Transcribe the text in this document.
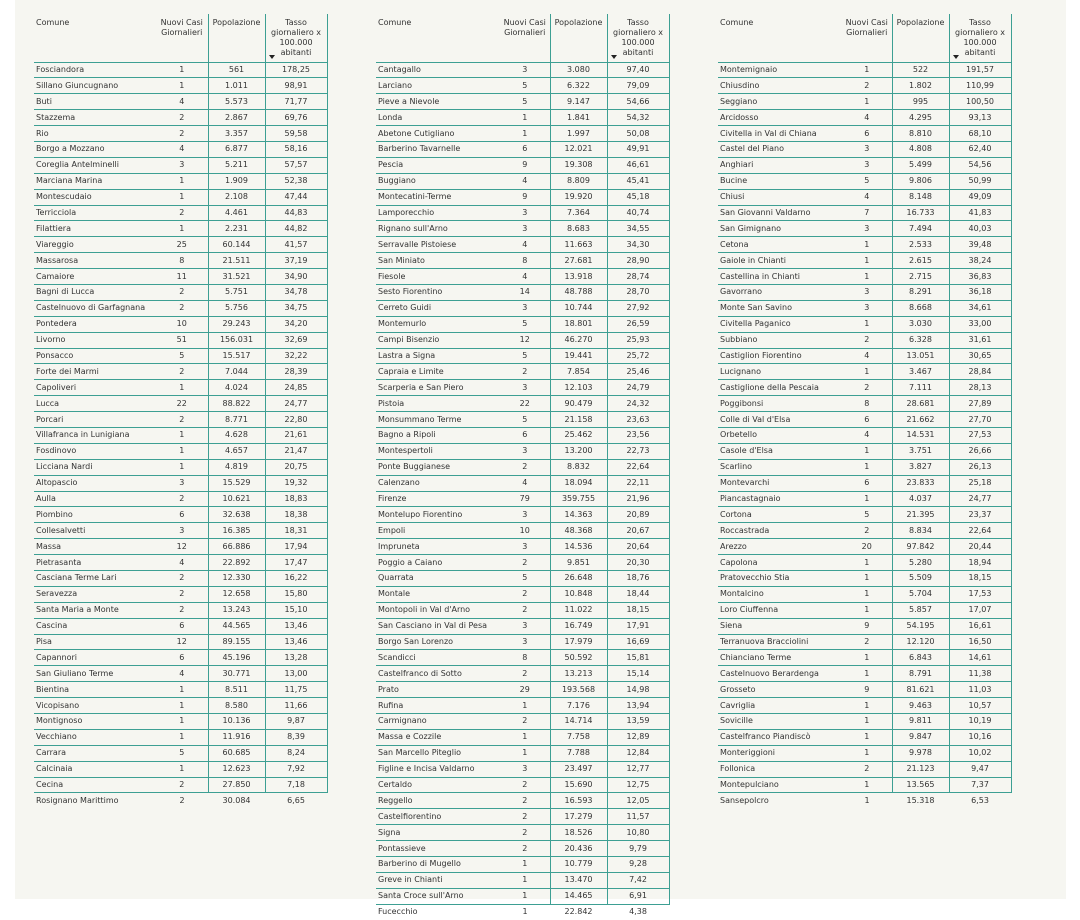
Comune	Nuovi Casi Giornalieri	Popolazione	Tasso giornaliero x 100.000 abitanti

Fosciandora	1	561	178,25
Sillano Giuncugnano	1	1.011	98,91
Buti	4	5.573	71,77
Stazzema	2	2.867	69,76
Rio	2	3.357	59,58
Borgo a Mozzano	4	6.877	58,16
Coreglia Antelminelli	3	5.211	57,57
Marciana Marina	1	1.909	52,38
Montescudaio	1	2.108	47,44
Terricciola	2	4.461	44,83
Filattiera	1	2.231	44,82
Viareggio	25	60.144	41,57
Massarosa	8	21.511	37,19
Camaiore	11	31.521	34,90
Bagni di Lucca	2	5.751	34,78
Castelnuovo di Garfagnana	2	5.756	34,75
Pontedera	10	29.243	34,20
Livorno	51	156.031	32,69
Ponsacco	5	15.517	32,22
Forte dei Marmi	2	7.044	28,39
Capoliveri	1	4.024	24,85
Lucca	22	88.822	24,77
Porcari	2	8.771	22,80
Villafranca in Lunigiana	1	4.628	21,61
Fosdinovo	1	4.657	21,47
Licciana Nardi	1	4.819	20,75
Altopascio	3	15.529	19,32
Aulla	2	10.621	18,83
Piombino	6	32.638	18,38
Collesalvetti	3	16.385	18,31
Massa	12	66.886	17,94
Pietrasanta	4	22.892	17,47
Casciana Terme Lari	2	12.330	16,22
Seravezza	2	12.658	15,80
Santa Maria a Monte	2	13.243	15,10
Cascina	6	44.565	13,46
Pisa	12	89.155	13,46
Capannori	6	45.196	13,28
San Giuliano Terme	4	30.771	13,00
Bientina	1	8.511	11,75
Vicopisano	1	8.580	11,66
Montignoso	1	10.136	9,87
Vecchiano	1	11.916	8,39
Carrara	5	60.685	8,24
Calcinaia	1	12.623	7,92
Cecina	2	27.850	7,18
Rosignano Marittimo	2	30.084	6,65
Comune	Nuovi Casi Giornalieri	Popolazione	Tasso giornaliero x 100.000 abitanti

Cantagallo	3	3.080	97,40
Larciano	5	6.322	79,09
Pieve a Nievole	5	9.147	54,66
Londa	1	1.841	54,32
Abetone Cutigliano	1	1.997	50,08
Barberino Tavarnelle	6	12.021	49,91
Pescia	9	19.308	46,61
Buggiano	4	8.809	45,41
Montecatini-Terme	9	19.920	45,18
Lamporecchio	3	7.364	40,74
Rignano sull'Arno	3	8.683	34,55
Serravalle Pistoiese	4	11.663	34,30
San Miniato	8	27.681	28,90
Fiesole	4	13.918	28,74
Sesto Fiorentino	14	48.788	28,70
Cerreto Guidi	3	10.744	27,92
Montemurlo	5	18.801	26,59
Campi Bisenzio	12	46.270	25,93
Lastra a Signa	5	19.441	25,72
Capraia e Limite	2	7.854	25,46
Scarperia e San Piero	3	12.103	24,79
Pistoia	22	90.479	24,32
Monsummano Terme	5	21.158	23,63
Bagno a Ripoli	6	25.462	23,56
Montespertoli	3	13.200	22,73
Ponte Buggianese	2	8.832	22,64
Calenzano	4	18.094	22,11
Firenze	79	359.755	21,96
Montelupo Fiorentino	3	14.363	20,89
Empoli	10	48.368	20,67
Impruneta	3	14.536	20,64
Poggio a Caiano	2	9.851	20,30
Quarrata	5	26.648	18,76
Montale	2	10.848	18,44
Montopoli in Val d'Arno	2	11.022	18,15
San Casciano in Val di Pesa	3	16.749	17,91
Borgo San Lorenzo	3	17.979	16,69
Scandicci	8	50.592	15,81
Castelfranco di Sotto	2	13.213	15,14
Prato	29	193.568	14,98
Rufina	1	7.176	13,94
Carmignano	2	14.714	13,59
Massa e Cozzile	1	7.758	12,89
San Marcello Piteglio	1	7.788	12,84
Figline e Incisa Valdarno	3	23.497	12,77
Certaldo	2	15.690	12,75
Reggello	2	16.593	12,05
Castelfiorentino	2	17.279	11,57
Signa	2	18.526	10,80
Pontassieve	2	20.436	9,79
Barberino di Mugello	1	10.779	9,28
Greve in Chianti	1	13.470	7,42
Santa Croce sull'Arno	1	14.465	6,91
Fucecchio	1	22.842	4,38
Comune	Nuovi Casi Giornalieri	Popolazione	Tasso giornaliero x 100.000 abitanti

Montemignaio	1	522	191,57
Chiusdino	2	1.802	110,99
Seggiano	1	995	100,50
Arcidosso	4	4.295	93,13
Civitella in Val di Chiana	6	8.810	68,10
Castel del Piano	3	4.808	62,40
Anghiari	3	5.499	54,56
Bucine	5	9.806	50,99
Chiusi	4	8.148	49,09
San Giovanni Valdarno	7	16.733	41,83
San Gimignano	3	7.494	40,03
Cetona	1	2.533	39,48
Gaiole in Chianti	1	2.615	38,24
Castellina in Chianti	1	2.715	36,83
Gavorrano	3	8.291	36,18
Monte San Savino	3	8.668	34,61
Civitella Paganico	1	3.030	33,00
Subbiano	2	6.328	31,61
Castiglion Fiorentino	4	13.051	30,65
Lucignano	1	3.467	28,84
Castiglione della Pescaia	2	7.111	28,13
Poggibonsi	8	28.681	27,89
Colle di Val d'Elsa	6	21.662	27,70
Orbetello	4	14.531	27,53
Casole d'Elsa	1	3.751	26,66
Scarlino	1	3.827	26,13
Montevarchi	6	23.833	25,18
Piancastagnaio	1	4.037	24,77
Cortona	5	21.395	23,37
Roccastrada	2	8.834	22,64
Arezzo	20	97.842	20,44
Capolona	1	5.280	18,94
Pratovecchio Stia	1	5.509	18,15
Montalcino	1	5.704	17,53
Loro Ciuffenna	1	5.857	17,07
Siena	9	54.195	16,61
Terranuova Bracciolini	2	12.120	16,50
Chianciano Terme	1	6.843	14,61
Castelnuovo Berardenga	1	8.791	11,38
Grosseto	9	81.621	11,03
Cavriglia	1	9.463	10,57
Sovicille	1	9.811	10,19
Castelfranco Piandiscò	1	9.847	10,16
Monteriggioni	1	9.978	10,02
Follonica	2	21.123	9,47
Montepulciano	1	13.565	7,37
Sansepolcro	1	15.318	6,53
